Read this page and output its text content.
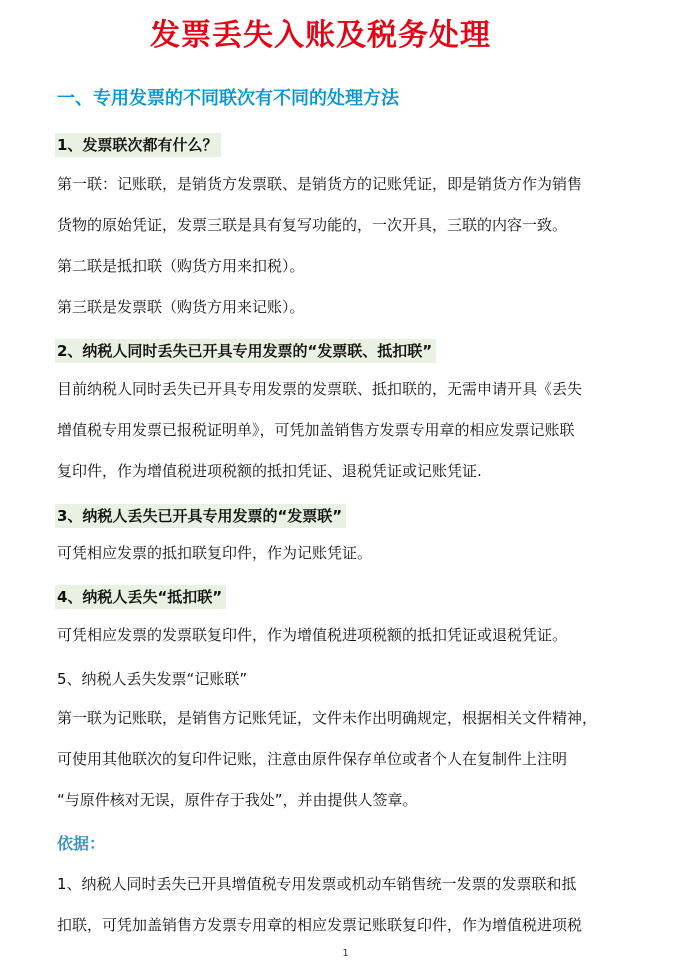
发票丢失入账及税务处理
一、专用发票的不同联次有不同的处理方法
1、发票联次都有什么？
第一联：记账联，是销货方发票联、是销货方的记账凭证，即是销货方作为销售
货物的原始凭证，发票三联是具有复写功能的，一次开具，三联的内容一致。
第二联是抵扣联（购货方用来扣税）。
第三联是发票联（购货方用来记账）。
2、纳税人同时丢失已开具专用发票的“发票联、抵扣联”
目前纳税人同时丢失已开具专用发票的发票联、抵扣联的，无需申请开具《丢失
增值税专用发票已报税证明单》，可凭加盖销售方发票专用章的相应发票记账联
复印件，作为增值税进项税额的抵扣凭证、退税凭证或记账凭证.
3、纳税人丢失已开具专用发票的“发票联”
可凭相应发票的抵扣联复印件，作为记账凭证。
4、纳税人丢失“抵扣联”
可凭相应发票的发票联复印件，作为增值税进项税额的抵扣凭证或退税凭证。
5、纳税人丢失发票“记账联”
第一联为记账联，是销售方记账凭证，文件未作出明确规定，根据相关文件精神，
可使用其他联次的复印件记账，注意由原件保存单位或者个人在复制件上注明
“与原件核对无误，原件存于我处”，并由提供人签章。
依据：
1、纳税人同时丢失已开具增值税专用发票或机动车销售统一发票的发票联和抵
扣联，可凭加盖销售方发票专用章的相应发票记账联复印件，作为增值税进项税
1
